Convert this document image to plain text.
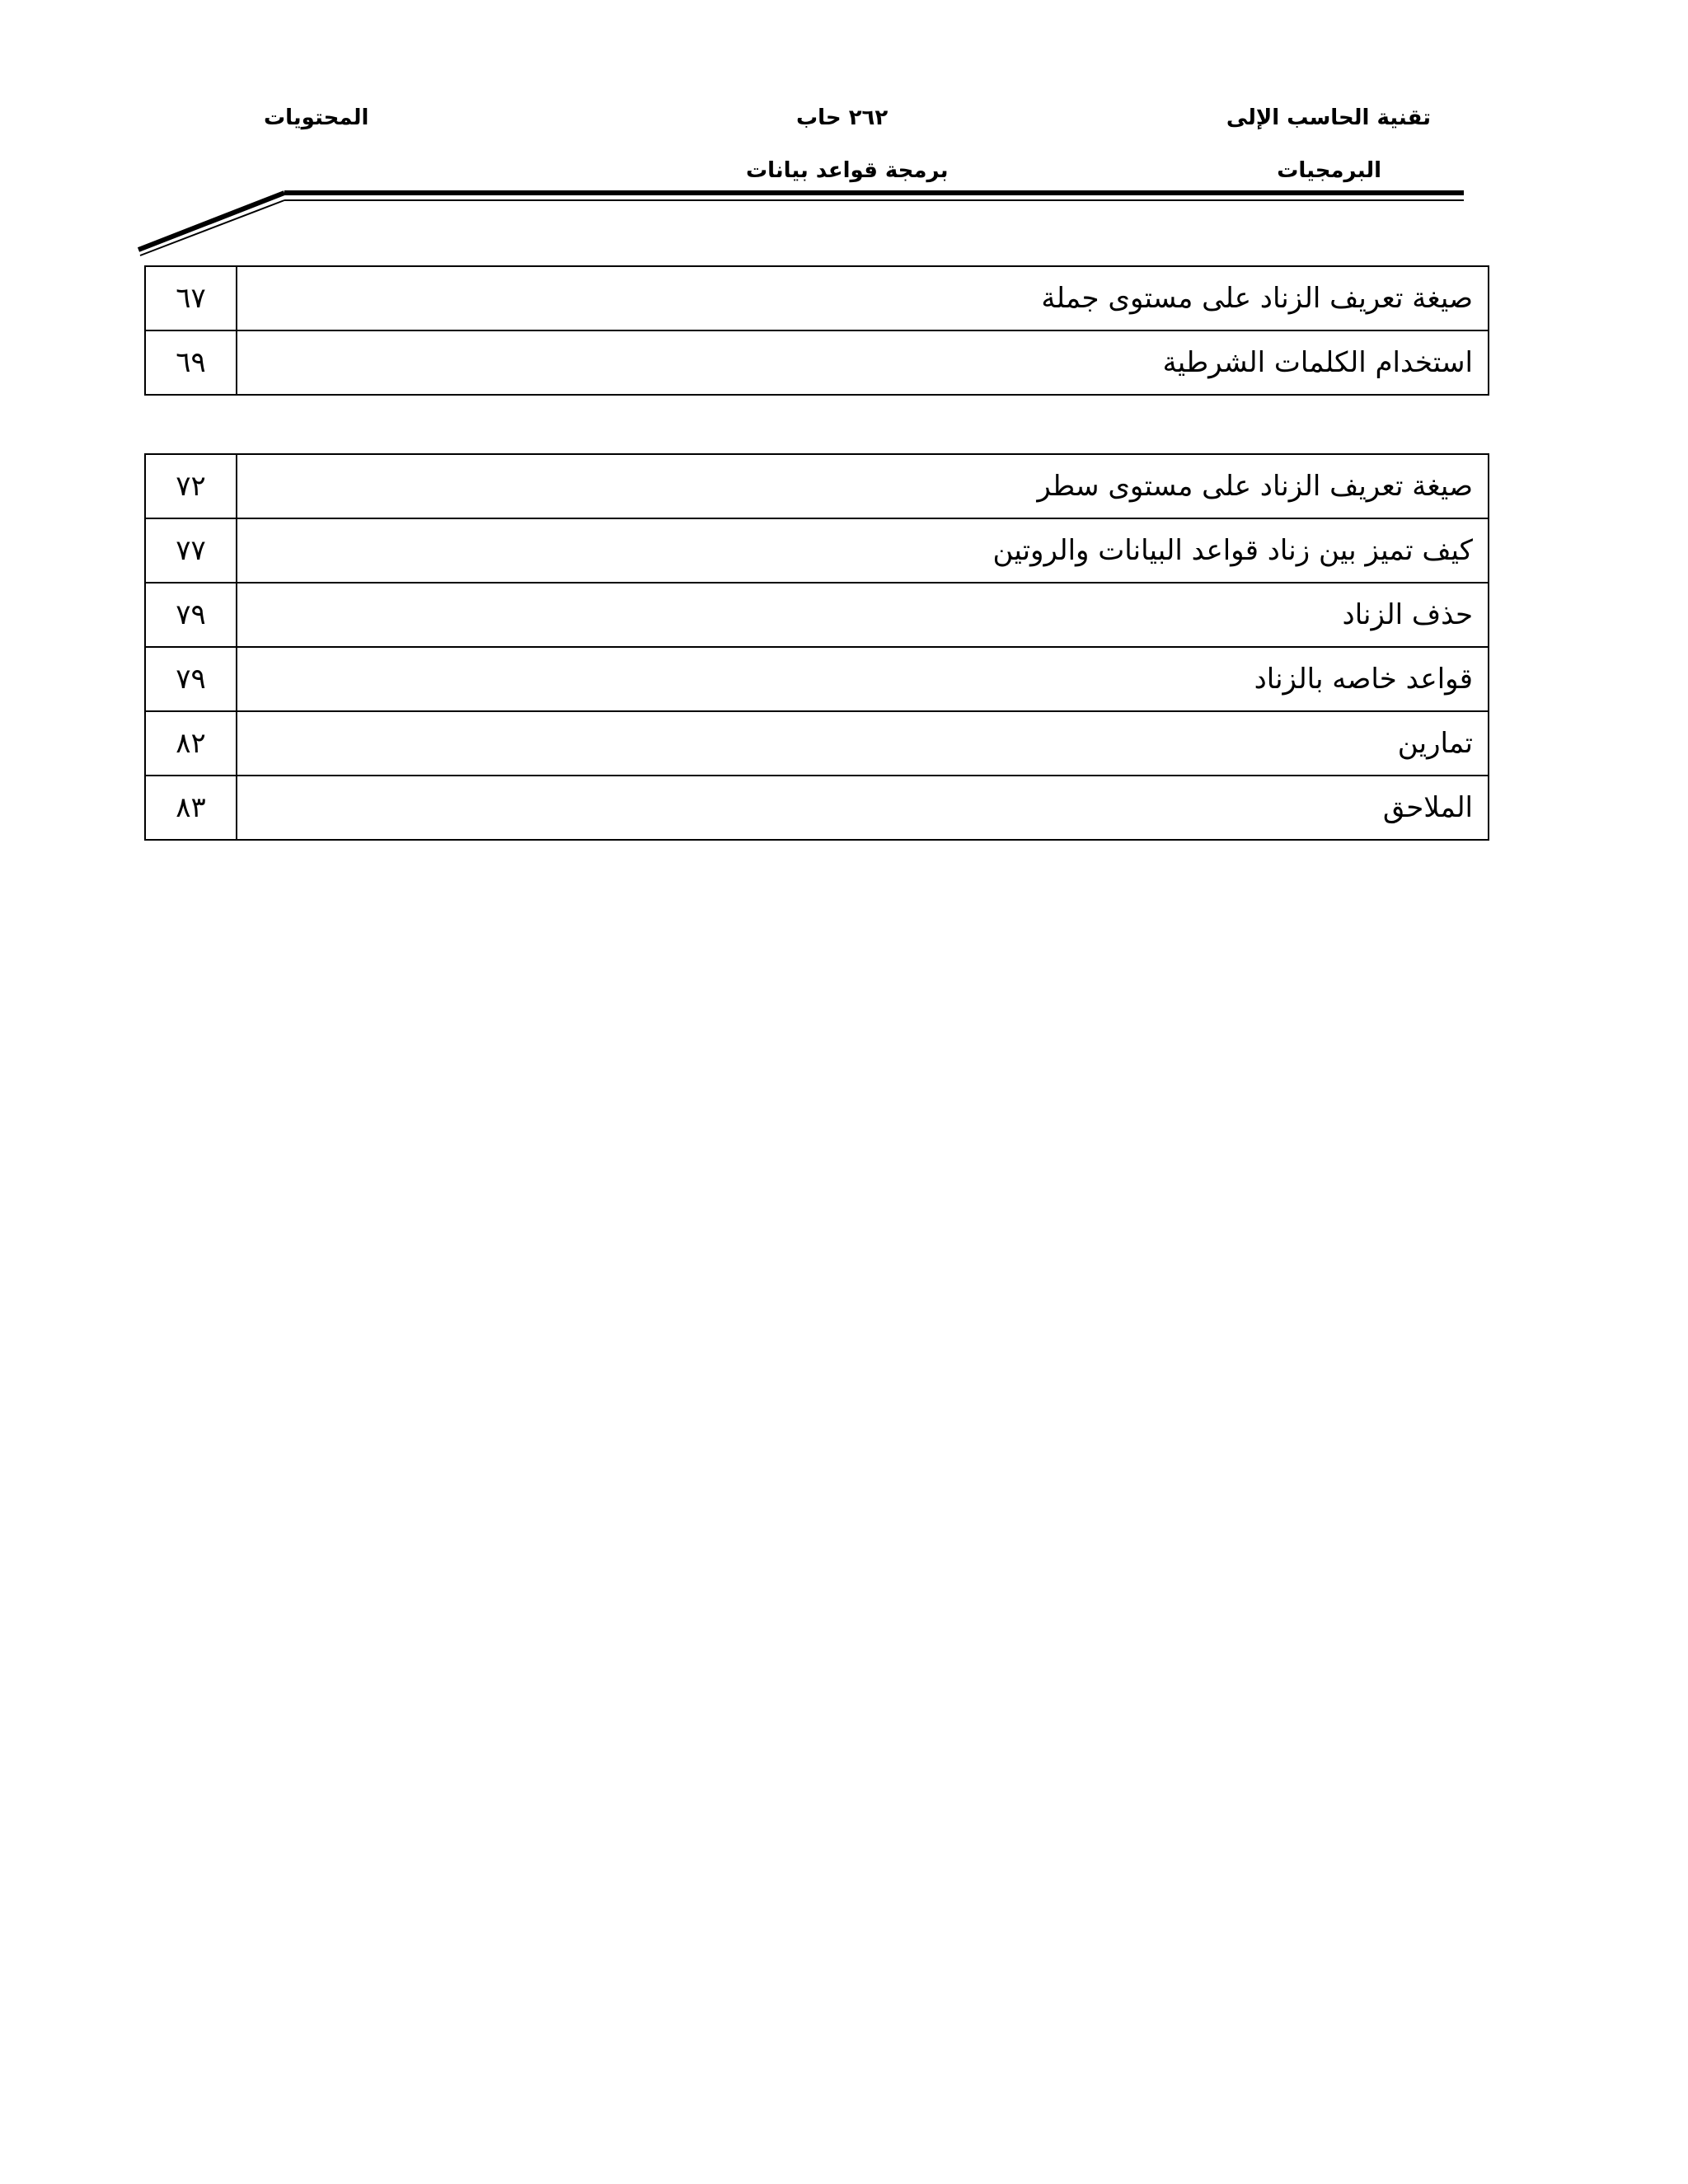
تقنية الحاسب الإلى
البرمجيات
٢٦٢ حاب
برمجة قواعد بيانات
المحتويات
صيغة تعريف الزناد على مستوى جملة	٦٧
استخدام الكلمات الشرطية	٦٩
صيغة تعريف الزناد على مستوى سطر	٧٢
كيف تميز بين زناد قواعد البيانات والروتين	٧٧
حذف الزناد	٧٩
قواعد خاصه بالزناد	٧٩
تمارين	٨٢
الملاحق	٨٣
